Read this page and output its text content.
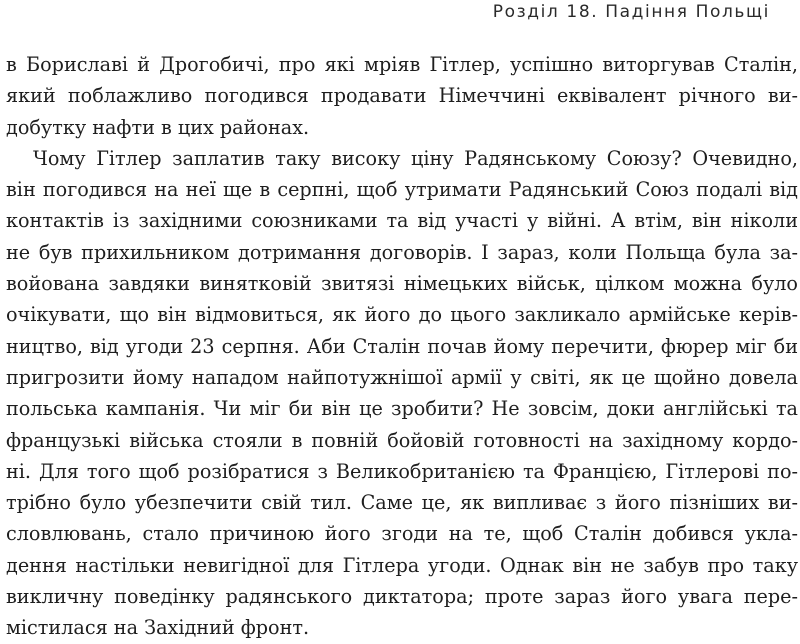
Розділ 18. Падіння Польщі
в Бориславі й Дрогобичі, про які мріяв Гітлер, успішно виторгував Сталін,
який поблажливо погодився продавати Німеччині еквівалент річного ви-
добутку нафти в цих районах.
Чому Гітлер заплатив таку високу ціну Радянському Союзу? Очевидно,
він погодився на неї ще в серпні, щоб утримати Радянський Союз подалі від
контактів із західними союзниками та від участі у війні. А втім, він ніколи
не був прихильником дотримання договорів. І зараз, коли Польща була за-
войована завдяки винятковій звитязі німецьких військ, цілком можна було
очікувати, що він відмовиться, як його до цього закликало армійське керів-
ництво, від угоди 23 серпня. Аби Сталін почав йому перечити, фюрер міг би
пригрозити йому нападом найпотужнішої армії у світі, як це щойно довела
польська кампанія. Чи міг би він це зробити? Не зовсім, доки англійські та
французькі війська стояли в повній бойовій готовності на західному кордо-
ні. Для того щоб розібратися з Великобританією та Францією, Гітлерові по-
трібно було убезпечити свій тил. Саме це, як випливає з його пізніших ви-
словлювань, стало причиною його згоди на те, щоб Сталін добився укла-
дення настільки невигідної для Гітлера угоди. Однак він не забув про таку
викличну поведінку радянського диктатора; проте зараз його увага пере-
містилася на Західний фронт.
